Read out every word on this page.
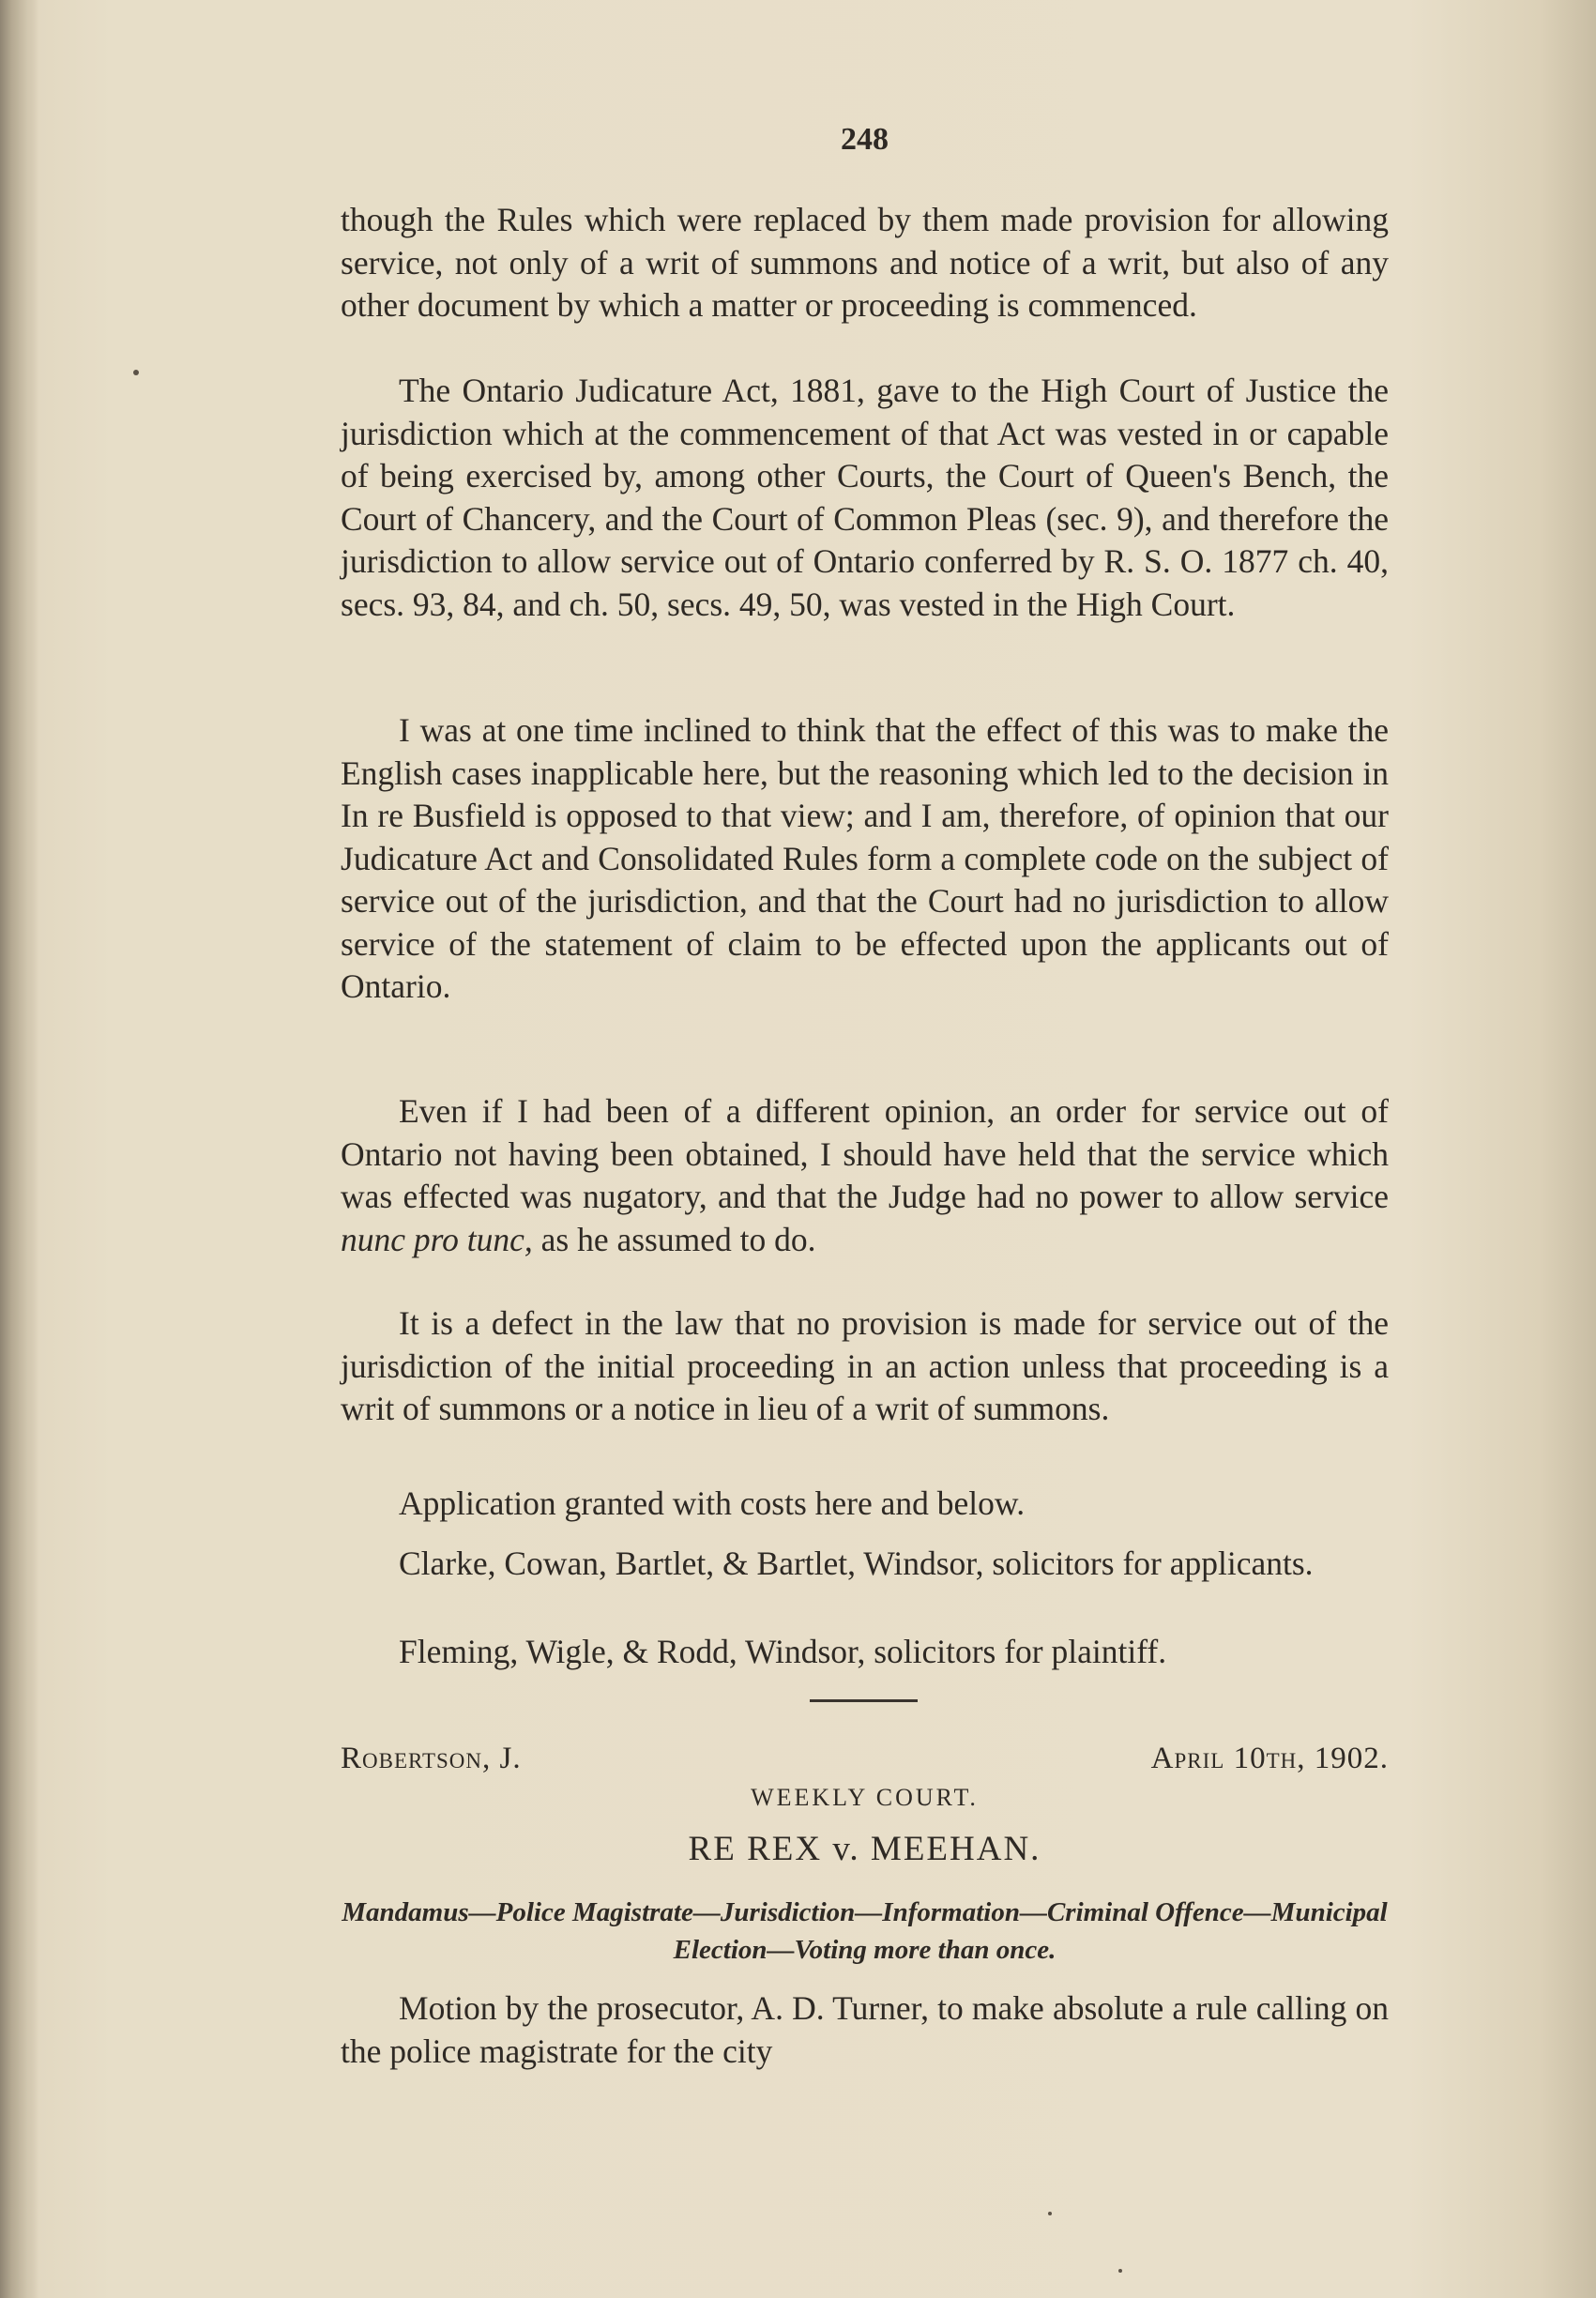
248

though the Rules which were replaced by them made provision for allowing service, not only of a writ of summons and notice of a writ, but also of any other document by which a matter or proceeding is commenced.

The Ontario Judicature Act, 1881, gave to the High Court of Justice the jurisdiction which at the commencement of that Act was vested in or capable of being exercised by, among other Courts, the Court of Queen's Bench, the Court of Chancery, and the Court of Common Pleas (sec. 9), and therefore the jurisdiction to allow service out of Ontario conferred by R. S. O. 1877 ch. 40, secs. 93, 84, and ch. 50, secs. 49, 50, was vested in the High Court.

I was at one time inclined to think that the effect of this was to make the English cases inapplicable here, but the reasoning which led to the decision in In re Busfield is opposed to that view; and I am, therefore, of opinion that our Judicature Act and Consolidated Rules form a complete code on the subject of service out of the jurisdiction, and that the Court had no jurisdiction to allow service of the statement of claim to be effected upon the applicants out of Ontario.

Even if I had been of a different opinion, an order for service out of Ontario not having been obtained, I should have held that the service which was effected was nugatory, and that the Judge had no power to allow service nunc pro tunc, as he assumed to do.

It is a defect in the law that no provision is made for service out of the jurisdiction of the initial proceeding in an action unless that proceeding is a writ of summons or a notice in lieu of a writ of summons.

Application granted with costs here and below.

Clarke, Cowan, Bartlet, & Bartlet, Windsor, solicitors for applicants.

Fleming, Wigle, & Rodd, Windsor, solicitors for plaintiff.

Robertson, J.	April 10th, 1902.
WEEKLY COURT.
RE REX v. MEEHAN.
Mandamus—Police Magistrate—Jurisdiction—Information—Criminal Offence—Municipal Election—Voting more than once.

Motion by the prosecutor, A. D. Turner, to make absolute a rule calling on the police magistrate for the city
